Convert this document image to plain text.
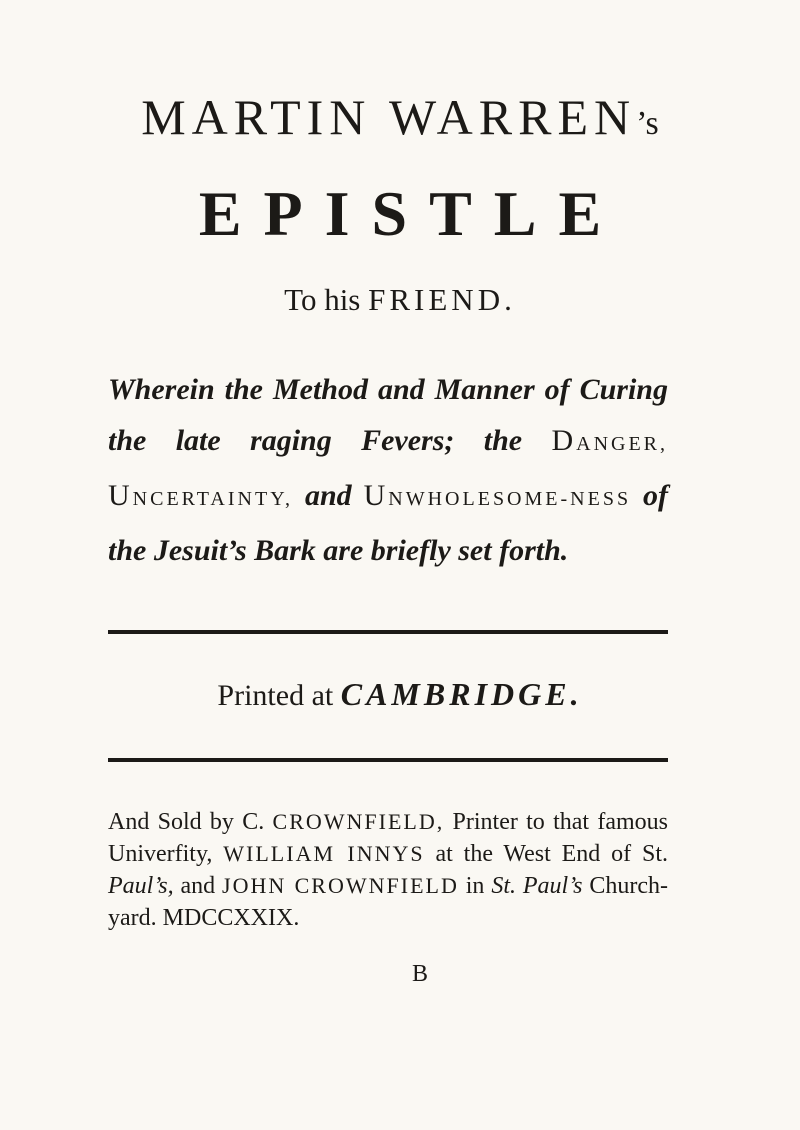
MARTIN WARREN’s
EPISTLE
To his FRIEND.
Wherein the Method and Manner of Curing the late raging Fevers; the DANGER, UNCERTAINTY, and UNWHOLESOME-NESS of the Jesuit’s Bark are briefly set forth.
Printed at CAMBRIDGE.
And Sold by C. CROWNFIELD, Printer to that famous Univerfity, WILLIAM INNYS at the West End of St. Paul’s, and JOHN CROWNFIELD in St. Paul’s Church-yard. MDCCXXIX.
B
